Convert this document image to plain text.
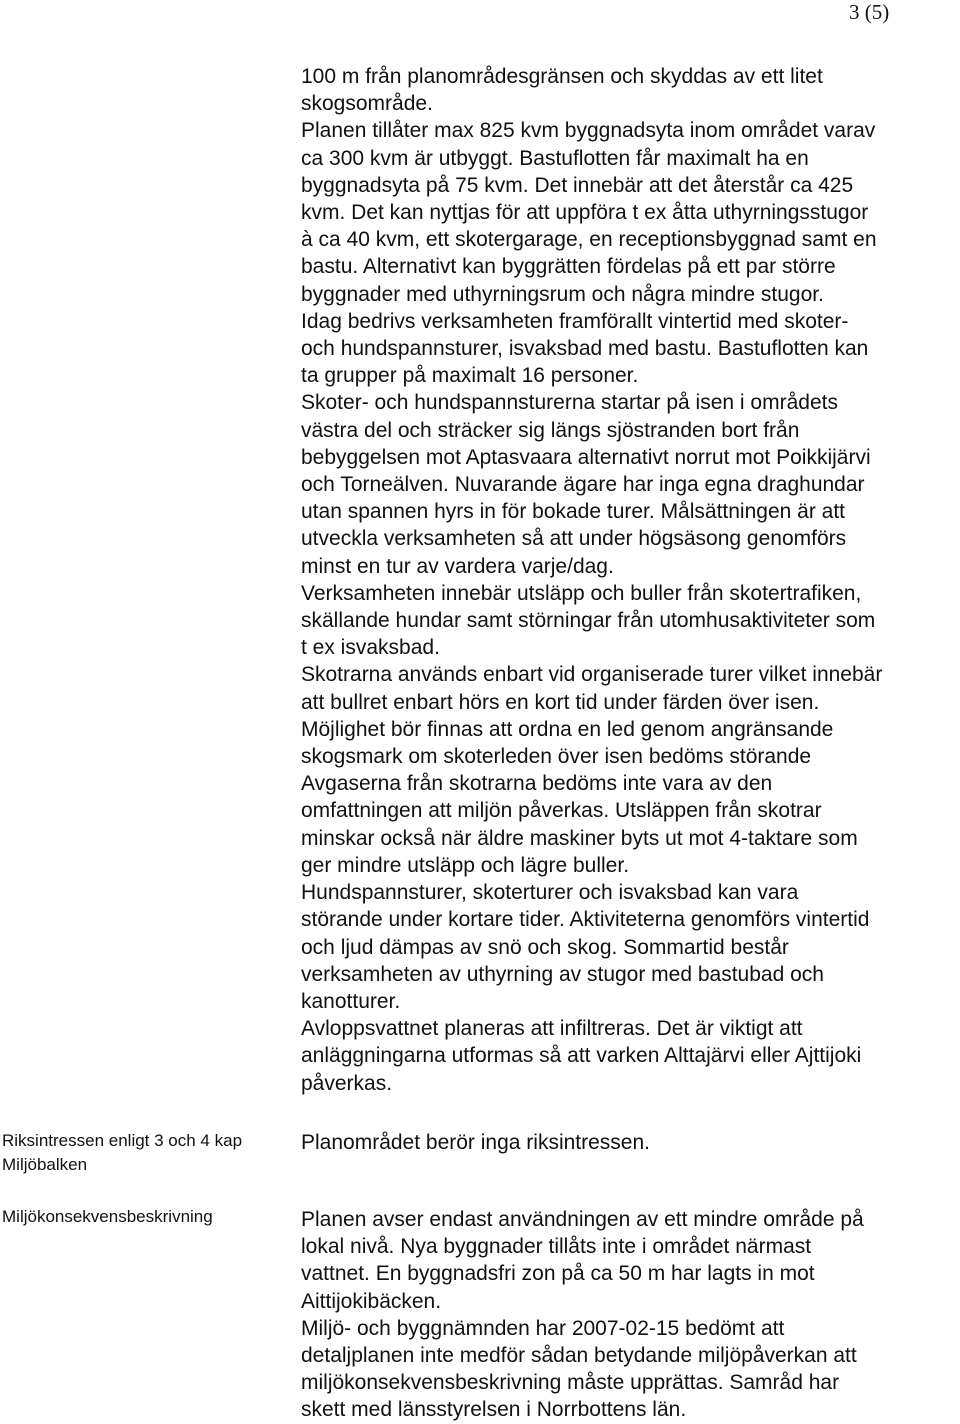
3 (5)

100 m från planområdesgränsen och skyddas av ett litet

skogsområde.

Planen tillåter max 825 kvm byggnadsyta inom området varav

ca 300 kvm är utbyggt. Bastuflotten får maximalt ha en

byggnadsyta på 75 kvm. Det innebär att det återstår ca 425

kvm. Det kan nyttjas för att uppföra t ex åtta uthyrningsstugor

à ca 40 kvm, ett skotergarage, en receptionsbyggnad samt en

bastu. Alternativt kan byggrätten fördelas på ett par större

byggnader med uthyrningsrum och några mindre stugor.

Idag bedrivs verksamheten framförallt vintertid med skoter-

och hundspannsturer, isvaksbad med bastu. Bastuflotten kan

ta grupper på maximalt 16 personer.

Skoter- och hundspannsturerna startar på isen i områdets

västra del och sträcker sig längs sjöstranden bort från

bebyggelsen mot Aptasvaara alternativt norrut mot Poikkijärvi

och Torneälven. Nuvarande ägare har inga egna draghundar

utan spannen hyrs in för bokade turer. Målsättningen är att

utveckla verksamheten så att under högsäsong genomförs

minst en tur av vardera varje/dag.

Verksamheten innebär utsläpp och buller från skotertrafiken,

skällande hundar samt störningar från utomhusaktiviteter som

t ex isvaksbad.

Skotrarna används enbart vid organiserade turer vilket innebär

att bullret enbart hörs en kort tid under färden över isen.

Möjlighet bör finnas att ordna en led genom angränsande

skogsmark om skoterleden över isen bedöms störande

Avgaserna från skotrarna bedöms inte vara av den

omfattningen att miljön påverkas. Utsläppen från skotrar

minskar också när äldre maskiner byts ut mot 4-taktare som

ger mindre utsläpp och lägre buller.

Hundspannsturer, skoterturer och isvaksbad kan vara

störande under kortare tider. Aktiviteterna genomförs vintertid

och ljud dämpas av snö och skog. Sommartid består

verksamheten av uthyrning av stugor med bastubad och

kanotturer.

Avloppsvattnet planeras att infiltreras. Det är viktigt att

anläggningarna utformas så att varken Alttajärvi eller Ajttijoki

påverkas.

Riksintressen enligt 3 och 4 kap Miljöbalken

Planområdet berör inga riksintressen.

Miljökonsekvensbeskrivning	Planen avser endast användningen av ett mindre område på

lokal nivå. Nya byggnader tillåts inte i området närmast

vattnet. En byggnadsfri zon på ca 50 m har lagts in mot

Aittijokibäcken.

Miljö- och byggnämnden har 2007-02-15 bedömt att

detaljplanen inte medför sådan betydande miljöpåverkan att

miljökonsekvensbeskrivning måste upprättas. Samråd har

skett med länsstyrelsen i Norrbottens län.
